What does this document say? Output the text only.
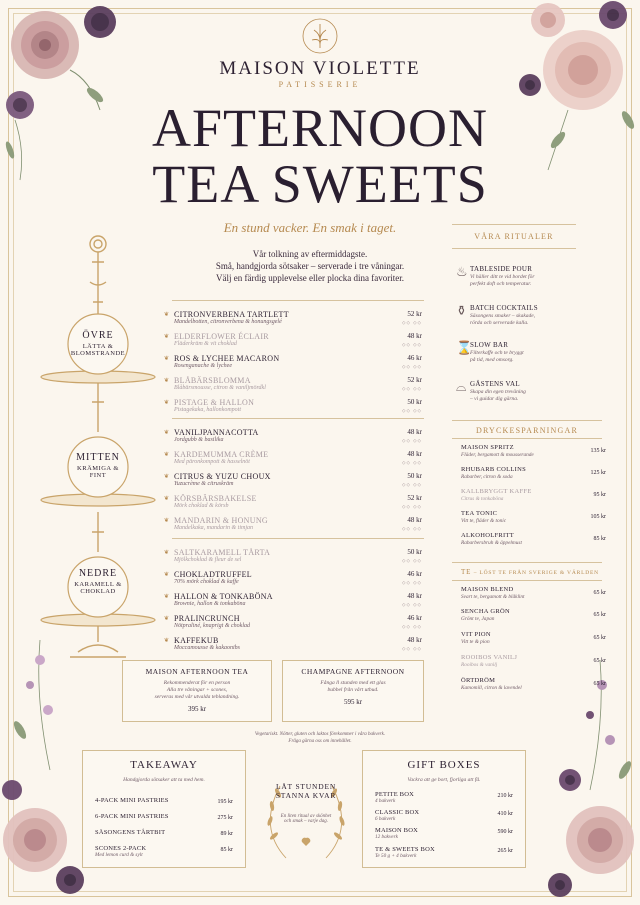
MAISON VIOLETTE
PATISSERIE
AFTERNOON
TEA SWEETS
En stund vacker. En smak i taget.
Vår tolkning av eftermiddagste.
Små, handgjorda sötsaker – serverade i tre våningar.
Välj en färdig upplevelse eller plocka dina favoriter.
ÖVRE
LÄTTA &
BLOMSTRANDE
MITTEN
KRÄMIGA &
FINT
NEDRE
KARAMELL &
CHOKLAD
❦ CITRONVERBENA TARTLETT
Mandelbotten, citronverbena & honungsgelé
52 kr
◇◇ ◇◇
❦ ELDERFLOWER ÉCLAIR
Fläderkräm & vit choklad
48 kr
◇◇ ◇◇
❦ ROS & LYCHEE MACARON
Rosenganache & lychee
46 kr
◇◇ ◇◇
❦ BLÅBÄRSBLOMMA
Blåbärsmousse, citron & vaniljmördkl
52 kr
◇◇ ◇◇
❦ PISTAGE & HALLON
Pistagekaka, hallonkompott
50 kr
◇◇ ◇◇
❦ VANILJPANNACOTTA
Jordgubb & basilika
48 kr
◇◇ ◇◇
❦ KARDEMUMMA CRÈME
Med päronkompott & hasselnöt
48 kr
◇◇ ◇◇
❦ CITRUS & YUZU CHOUX
Yuzucrème & citruskräm
50 kr
◇◇ ◇◇
❦ KÖRSBÄRSBAKELSE
Mörk choklad & körsb
52 kr
◇◇ ◇◇
❦ MANDARIN & HONUNG
Mandelkaka, mandarin & timjan
48 kr
◇◇ ◇◇
❦ SALTKARAMELL TÅRTA
Mjölkchoklad & fleur de sel
50 kr
◇◇ ◇◇
❦ CHOKLADTRUFFEL
70% mörk choklad & kaffe
46 kr
◇◇ ◇◇
❦ HALLON & TONKABÖNA
Brownie, hallon & tonkaböna
48 kr
◇◇ ◇◇
❦ PRALINCRUNCH
Nötpraliné, knaprigt & choklad
46 kr
◇◇ ◇◇
❦ KAFFEKUB
Moccamousse & kakaonibs
48 kr
◇◇ ◇◇
MAISON AFTERNOON TEA
Rekommenderat för en person
Alla tre våningar + scones,
serveras med vår utvalda teblandning.
395 kr
CHAMPAGNE AFTERNOON
Fånga ll stunden med ett glas
bubbel från vårt utbud.
595 kr
Vegetariskt. Nötter, gluten och laktos förekommer i våra bakverk.
Fråga gärna oss om innehållet.
VÅRA RITUALER
♨ TABLESIDE POUR
Vi häller ditt te vid bordet för
perfekt doft och temperatur.
⚱ BATCH COCKTAILS
Säsongens smaker – skakade,
rörda och serverade kalla.
⌛
SLOW BAR
Filterkaffe och te bryggt
på tid, med omsorg.
⌓ GÄSTENS VAL
Skapa din egen treväning
– vi guidar dig gärna.
DRYCKESPARNINGAR
MAISON SPRITZ
Fläder, bergamott & mousserande
135 kr
RHUBARB COLLINS
Rabarber, citron & soda
125 kr
KALLBRYGGT KAFFE
Citrus & tonkaböna
95 kr
TEA TONIC
Vitt te, fläder & tonic
105 kr
ALKOHOLFRITT
Rabarbersbruh & äppelmust
85 kr
TE – LÖST TE FRÅN SVERIGE & VÄRLDEN
MAISON BLEND
Svart te, bergamott & blåklint
65 kr
SENCHA GRÖN
Grönt te, Japan
65 kr
VIT PION
Vitt te & pion
65 kr
ROOIBOS VANILJ
Rooibos & vanilj
65 kr
ÖRTDRÖM
Kamomill, citron & lavendel
65 kr
TAKEAWAY
Handgjorda sötsaker att ta med hem.
4-PACK MINI PASTRIES	195 kr
6-PACK MINI PASTRIES	275 kr
SÄSONGENS TÅRTBIT	89 kr
SCONES 2-PACK
Med lemon curd & sylt
85 kr
LÅT STUNDEN
STANNA KVAR
En liten ritual av skönhet
och smak – varje dag.
GIFT BOXES
Vackra att ge bort, fjorliga att få.
PETITE BOX
4 bakverk
210 kr
CLASSIC BOX
6 bakverk
410 kr
MAISON BOX
12 bakverk
590 kr
TE & SWEETS BOX
Te 50 g + 4 bakverk
265 kr
